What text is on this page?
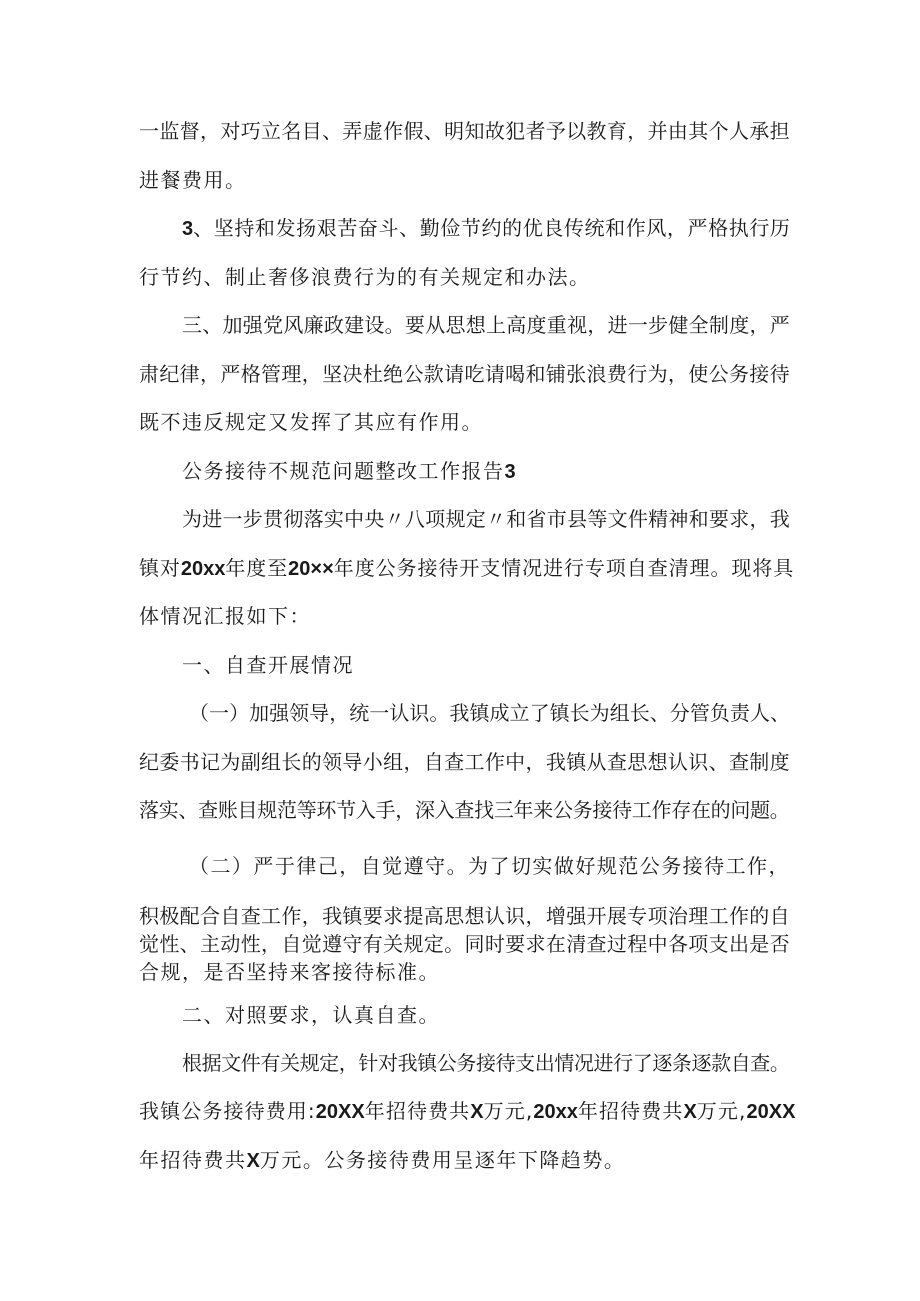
一监督，对巧立名目、弄虚作假、明知故犯者予以教育，并由其个人承担
进餐费用。
3、坚持和发扬艰苦奋斗、勤俭节约的优良传统和作风，严格执行历
行节约、制止奢侈浪费行为的有关规定和办法。
三、加强党风廉政建设。要从思想上高度重视，进一步健全制度，严
肃纪律，严格管理，坚决杜绝公款请吃请喝和铺张浪费行为，使公务接待
既不违反规定又发挥了其应有作用。
公务接待不规范问题整改工作报告3
为进一步贯彻落实中央〃八项规定〃和省市县等文件精神和要求，我
镇对20xx年度至20××年度公务接待开支情况进行专项自查清理。现将具
体情况汇报如下：
一、自查开展情况
（一）加强领导，统一认识。我镇成立了镇长为组长、分管负责人、
纪委书记为副组长的领导小组，自查工作中，我镇从查思想认识、查制度
落实、查账目规范等环节入手，深入查找三年来公务接待工作存在的问题。
（二）严于律己，自觉遵守。为了切实做好规范公务接待工作，
积极配合自查工作，我镇要求提高思想认识，增强开展专项治理工作的自
觉性、主动性，自觉遵守有关规定。同时要求在清查过程中各项支出是否
合规，是否坚持来客接待标准。
二、对照要求，认真自查。
根据文件有关规定，针对我镇公务接待支出情况进行了逐条逐款自查。
我镇公务接待费用:20XX年招待费共X万元,20xx年招待费共X万元,20XX
年招待费共X万元。公务接待费用呈逐年下降趋势。
